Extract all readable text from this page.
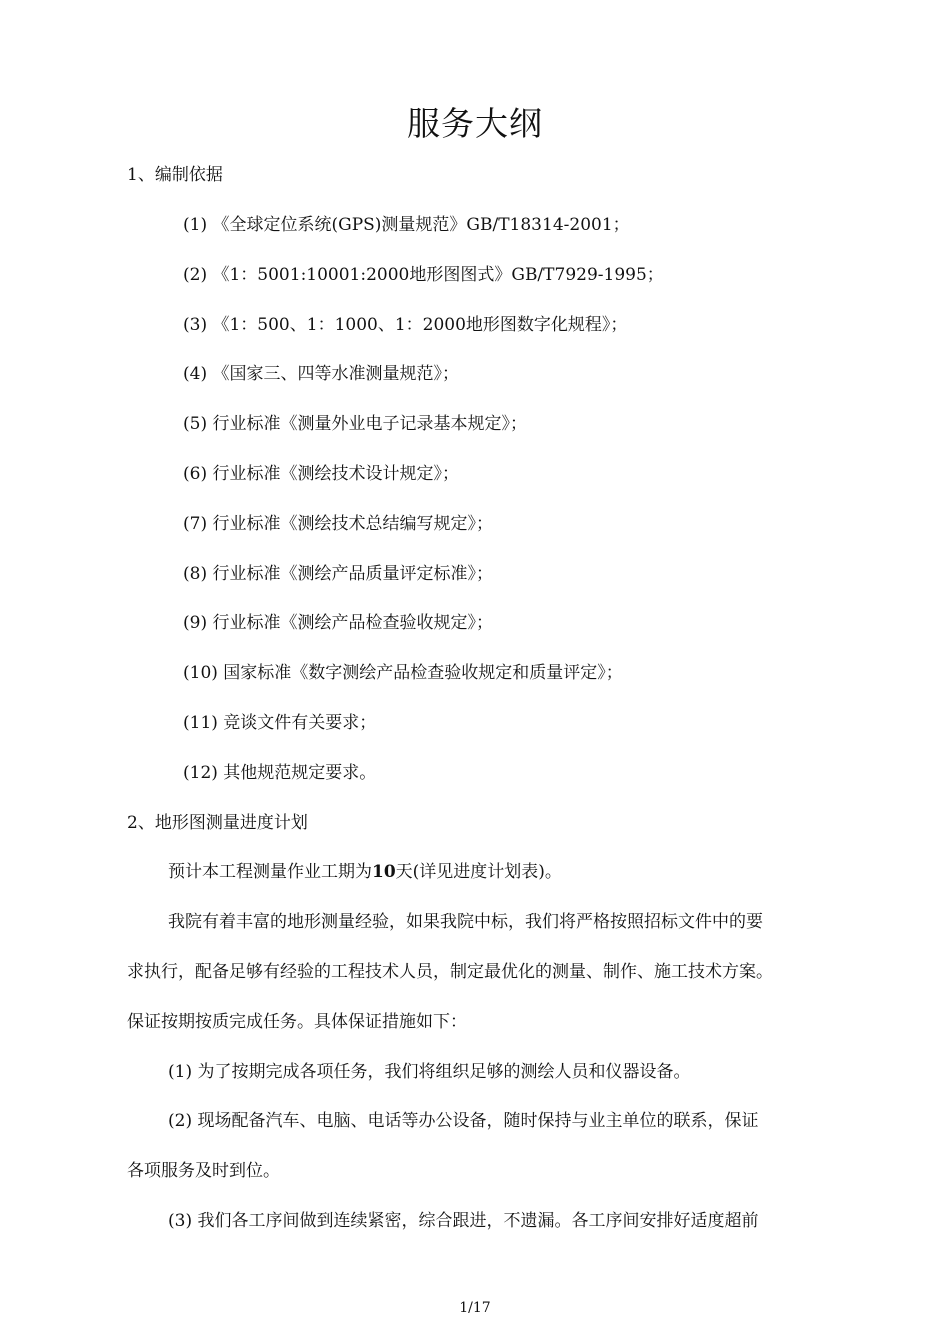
服务大纲
1、编制依据
(1) 《全球定位系统(GPS)测量规范》GB/T18314-2001；
(2) 《1：5001:10001:2000地形图图式》GB/T7929-1995；
(3) 《1：500、1：1000、1：2000地形图数字化规程》；
(4) 《国家三、四等水准测量规范》；
(5) 行业标准《测量外业电子记录基本规定》；
(6) 行业标准《测绘技术设计规定》；
(7) 行业标准《测绘技术总结编写规定》；
(8) 行业标准《测绘产品质量评定标准》；
(9) 行业标准《测绘产品检查验收规定》；
(10) 国家标准《数字测绘产品检查验收规定和质量评定》；
(11) 竞谈文件有关要求；
(12) 其他规范规定要求。
2、地形图测量进度计划
预计本工程测量作业工期为10天(详见进度计划表)。
我院有着丰富的地形测量经验，如果我院中标，我们将严格按照招标文件中的要
求执行，配备足够有经验的工程技术人员，制定最优化的测量、制作、施工技术方案。
保证按期按质完成任务。具体保证措施如下：
(1) 为了按期完成各项任务，我们将组织足够的测绘人员和仪器设备。
(2) 现场配备汽车、电脑、电话等办公设备，随时保持与业主单位的联系，保证
各项服务及时到位。
(3) 我们各工序间做到连续紧密，综合跟进，不遗漏。各工序间安排好适度超前
1/17
